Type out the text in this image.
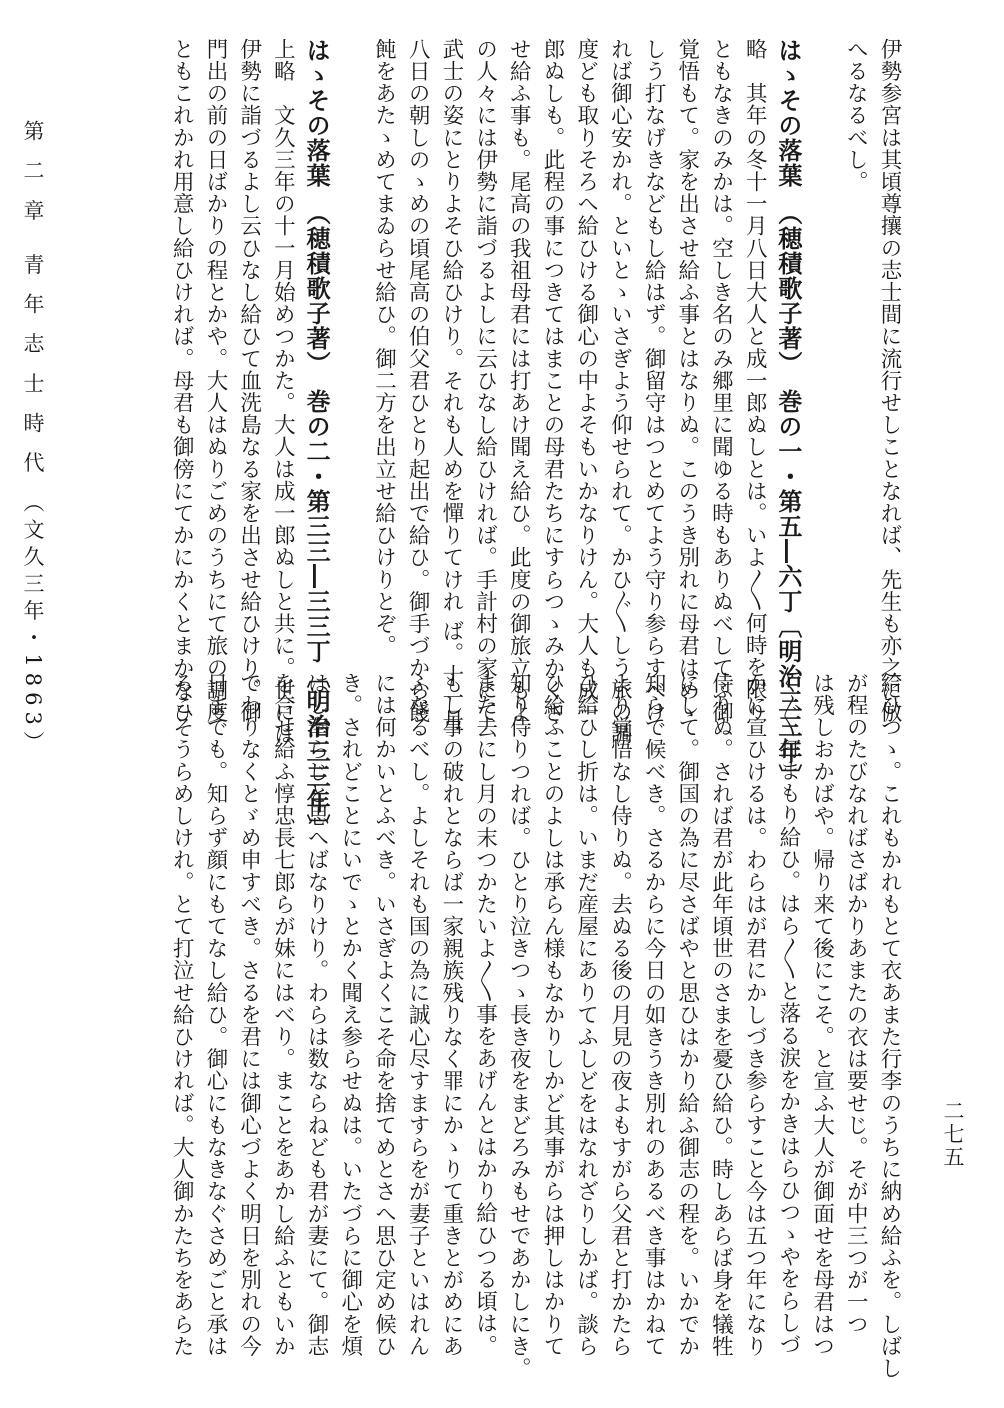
伊勢参宮は其頃尊攘の志士間に流行せしことなれば、先生も亦之に倣
へるなるべし。
はゝその落葉　（穂積歌子著）　巻の一・第五―六丁〔明治三三年〕
略　其年の冬十一月八日大人と成一郎ぬしとは。いよ〳〵何時を限り
ともなきのみかは。空しき名のみ郷里に聞ゆる時もありぬべしてふ御
覚悟もて。家を出させ給ふ事とはなりぬ。このうき別れに母君はめゝ
しう打なげきなどもし給はず。御留守はつとめてよう守り参らすべけ
れば御心安かれ。といとゝいさぎよう仰せられて。かひ〴〵しう旅の調
度ども取りそろへ給ひける御心の中よそもいかなりけん。大人も成一
郎ぬしも。此程の事につきてはまことの母君たちにすらつゝみかくさ
せ給ふ事も。尾高の我祖母君には打あけ聞え給ひ。此度の御旅立もよ
の人々には伊勢に詣づるよしに云ひなし給ひければ。手計村の家にて
武士の姿にとりよそひ給ひけり。それも人めを憚りてけれ ば。十一月
八日の朝しのゝめの頃尾高の伯父君ひとり起出で給ひ。御手づから餞
飩をあたゝめてまゐらせ給ひ。御二方を出立せ給ひけりとぞ。
はゝその落葉　（穂積歌子著）　巻の二・第三三―三三丁〔明治三三年〕
上略　文久三年の十一月始めつかた。大人は成一郎ぬしと共に。世には
伊勢に詣づるよし云ひなし給ひて血洗島なる家を出させ給ひけり。御
門出の前の日ばかりの程とかや。大人はぬりごめのうちにて旅の調度
ともこれかれ用意し給ひければ。母君も御傍にてかにかくとまかなひ
給ひつゝ。これもかれもとて衣あまた行李のうちに納め給ふを。しばし
が程のたびなればさばかりあまたの衣は要せじ。そが中三つが一つ
は残しおかばや。帰り来て後にこそ。と宣ふ大人が御面せを母君はつ
く〴〵打まもり給ひ。はら〳〵と落る涙をかきはらひつゝやをらしづ
かに宣ひけるは。わらはが君にかしづき参らすこと今は五つ年になり
侍りぬ。されば君が此年頃世のさまを憂ひ給ひ。時しあらば身を犠牲
にして。御国の為に尽さばやと思ひはかり給ふ御志の程を。いかでか
知らで候べき。さるからに今日の如きうき別れのあるべき事はかねて
より覚悟なし侍りぬ。去ぬる後の月見の夜よもすがら父君と打かたら
ひ給ひし折は。いまだ産屋にありてふしどをはなれざりしかば。談ら
ひ給ふことのよしは承らん様もなかりしかど其事がらは押しはかりて
知り侍りつれば。ひとり泣きつゝ長き夜をまどろみもせであかしにき。
また去にし月の末つかたいよ〳〵事をあげんとはかり給ひつる頃は。
もし事の破れとならば一家親族残りなく罪にかゝりて重きとがめにあ
ふなるべし。よしそれも国の為に誠心尽すますらをが妻子といはれん
には何かいとふべき。いさぎよくこそ命を捨てめとさへ思ひ定め候ひ
き。されどことにいでゝとかく聞え参らせぬは。いたづらに御心を煩
はし奉らじと思へばなりけり。わらは数ならねども君が妻にて。御志
を合せ給ふ惇忠長七郎らが妹にはべり。まことをあかし給ふともいか
でわりなくとゞめ申すべき。さるを君には御心づよく明日を別れの今
日までも。知らず顔にもてなし給ひ。御心にもなきなぐさめごと承は
るこそうらめしけれ。とて打泣せ給ひければ。大人御かたちをあらた
第 二 章　青 年 志 士 時 代 （文久三年・1863）
二七五
